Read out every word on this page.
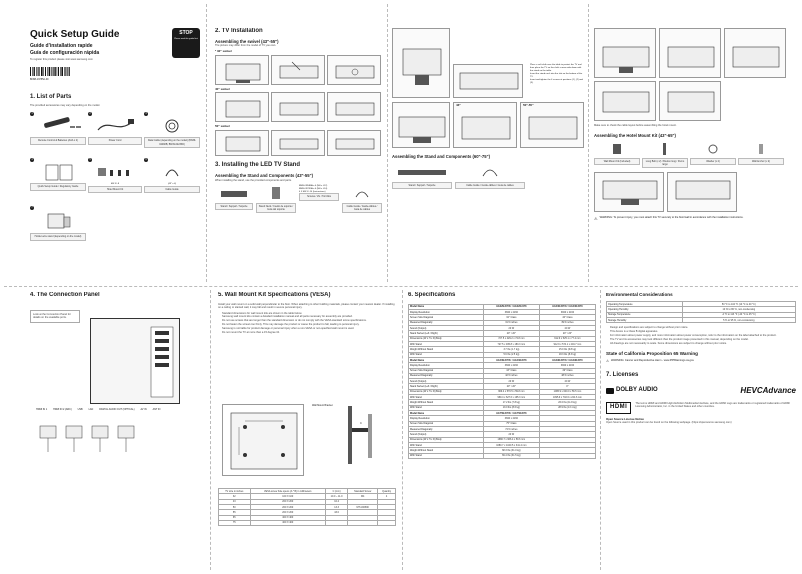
Quick Setup Guide
Guide d'installation rapide
Guía de configuración rápida
To register this product please visit www.samsung.com
STOP
Please read this guide first
BN68-13785A-00
1. List of Parts
The provided accessories may vary depending on the model.
1
Remote Control & Batteries (AAA x 2)
2
Power Cord
3
Data Cable (depending on the model) (BN39-02482B, BN39-02233D)
4
Quick Setup Guide / Regulatory Guide
5
M4 X L8
Hotel Mount Kit
6
(43" x 4)
Cable Guide
7
Holder-wire stand (depending on the model)
2. TV Installation
Assembling the swivel (43"-55")
The picture may differ from the model of TV you own.
* 32" swivel
40" swivel
50" swivel
3. Installing the LED TV Stand
Assembling the Stand and Components (43"-55")
When installing the stand, use the provided components and parts.
Stand / Support / Soporte	Stand Neck / Cuello de soporte / Guía del soporte
BN96-39588A x 4 (M4 x L12)
BN96-39733A x 4 (M4 x L14)
4 X M4 X L14 (Instructions)
Screws / Vis / Tornillos
Cable Guide / Guide-câbles / Guía de cables
• Place a soft cloth over the table to protect the TV and then place the TV on the cloth screen-side down with the stand on the table.
• Insert the stand neck into the slot on the bottom of the TV.
• Insert and tighten the 4 screws at positions (1), (2) and (3).
43"	50"-55"
Assembling the Stand and Components (60"-75")
Stand / Support / Soporte	Cable Guide / Guide-câbles / Guía de cables
Make sure to check the cable layout before assembling the hotel mount.
Assembling the Hotel Mount Kit (43"-65")
Wall Mount Kit (Included)	Long Bolt (x 2) / Boulon long / Perno largo
Washer (x 2)	Wall Anchor (x 2)
⚠ WARNING: To prevent injury, you must attach this TV securely to the floor/wall in accordance with the installation instructions.
4. The Connection Panel
Look at the Connection Panel for details on the available ports.
HDMI IN 1	HDMI IN 2 (ARC)	USB	LAN	DIGITAL AUDIO OUT (OPTICAL)	AV IN	ANT IN
5. Wall Mount Kit Specifications (VESA)
Install your wall mount on a solid wall perpendicular to the floor. When attaching to other building materials, please contact your nearest dealer. If installing on a ceiling or slanted wall, it may fall and result in severe personal injury.
• Standard dimensions for wall mount kits are shown in the table below.
• Samsung wall mount kits contain a detailed installation manual and all parts necessary for assembly are provided.
• Do not use screws that are longer than the standard dimension or do not comply with the VESA standard screw specifications.
• Do not fasten the screws too firmly. This may damage the product or cause the product to fall, leading to personal injury.
• Samsung is not liable for product damage or personal injury when a non-VESA or non-specified wall mount is used.
• Do not mount the TV at more than a 15 degree tilt.
Wall Mount Bracket
C
TV size in inches	VESA screw hole specs (A * B) in millimeters	C (mm)	Standard Screw	Quantity
32	100 X 100	10.0 ~ 11.0	M4	4
43	200 X 200	10.4		
50	200 X 200	13.3	MT-GW500	
55	200 X 200	43.0		
65	400 X 400			
75	400 X 400			
6. Specifications
Model Name	HG32NJ670U / HG32NJ478	HG40NJ670U / HG40NJ678
Display Resolution	3840 x 2160	3840 x 2160
Screen Size Diagonal	32" Class	40" Class
Measured Diagonally	31.5 inches	39.5 inches
Sound (Output)	20 W	20 W
Stand Swivel (Left / Right)	20° / 20°	20° / 20°
Dimensions (W x H x D) Body	727.5 x 429.2 x 74.8 mm	912.9 x 525.1 x 77.4 mm
With Stand	727.5 x 465.8 x 183.3 mm	912.9 x 574.1 x 204.7 mm
Weight Without Stand	3.7 lbs (1.7 kg)	15.0 lbs (6.8 kg)
With Stand	5.6 lbs (2.5 kg)	18.3 lbs (8.3 kg)
Model Name	HG43NJ670U / HG43NJ678	HG49NJ670U / HG49NJ678
Display Resolution	3840 x 2160	3840 x 2160
Screen Size Diagonal	43" Class	49" Class
Measured Diagonally	42.5 inches	48.5 inches
Sound (Output)	20 W	20 W
Stand Swivel (Left / Right)	20° / 20°	0°
Dimensions (W x H x D) Body	969.4 x 570.5 x 59.8 mm	1095.9 x 640.0 x 56.5 mm
With Stand	969.4 x 627.6 x 195.3 mm	1095.9 x 702.6 x 224.6 mm
Weight Without Stand	17.2 lbs (7.8 kg)	26.0 lbs (11.8 kg)
With Stand	19.0 lbs (8.6 kg)	28.9 lbs (13.1 kg)
Model Name	HG75NJ670U / HG75NJ678	
Display Resolution	3840 x 2160	
Screen Size Diagonal	75" Class	
Measured Diagonally	74.5 inches	
Sound (Output)	20 W	
Dimensions (W x H x D) Body	1680.7 x 966.4 x 59.6 mm	
With Stand	1680.7 x 1040.5 x 341.4 mm	
Weight Without Stand	68.3 lbs (31.0 kg)	
With Stand	69.4 lbs (31.5 kg)	
Environmental Considerations
Operating Temperature	50 °F to 104 °F (10 °C to 40 °C)
Operating Humidity	10 % to 80 %, non-condensing
Storage Temperature	-4 °F to 113 °F (-20 °C to 45 °C)
Storage Humidity	5 % to 95 %, non-condensing
• Design and specifications are subject to change without prior notice.
• This device is a Class B digital apparatus.
• For information about power supply, and more information about power consumption, refer to the information on the label attached to the product.
• The TV and its accessories may look different than the product image presented in this manual, depending on the model.
• All drawings are not necessarily to scale. Some dimensions are subject to change without prior notice.
State of California Proposition 65 Warning
⚠ WARNING: Cancer and Reproductive Harm - www.P65Warnings.ca.gov.
7. Licenses
DOLBY AUDIO	HEVCAdvance
HDMI
The terms HDMI and HDMI High-Definition Multimedia Interface, and the HDMI Logo are trademarks or registered trademarks of HDMI Licensing Administrator, Inc. in the United States and other countries.
Open Source License Notice
Open Source used in this product can be found on the following webpage. (https://opensource.samsung.com)
